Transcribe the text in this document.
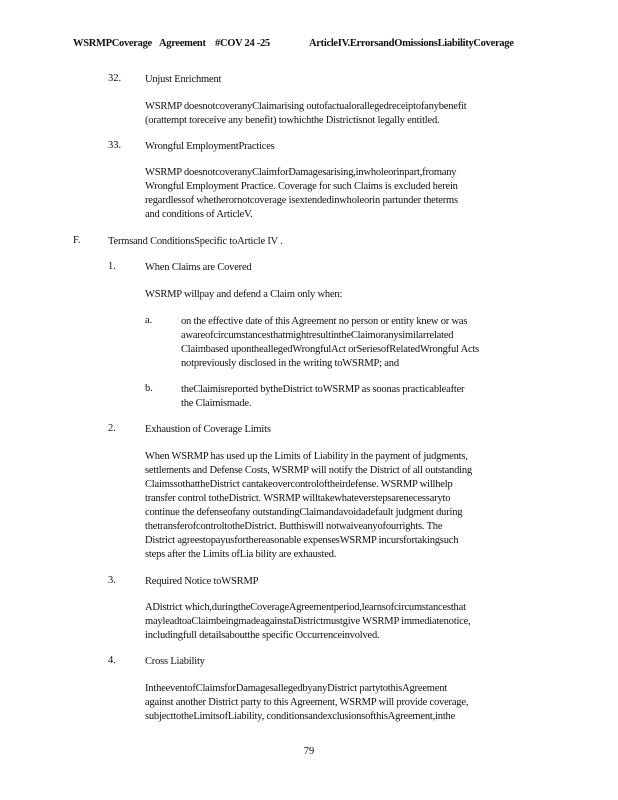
WSRMPCoverage Agreement #COV 24 -25	ArticleIV.ErrorsandOmissionsLiabilityCoverage
32. Unjust Enrichment
WSRMP doesnotcoveranyClaimarising outofactualorallegedreceiptofanybenefit
(orattempt toreceive any benefit) towhichthe Districtisnot legally entitled.
33. Wrongful EmploymentPractices
WSRMP doesnotcoveranyClaimforDamagesarising,inwholeorinpart,fromany
Wrongful Employment Practice. Coverage for such Claims is excluded herein
regardlessof whetherornotcoverage isextendedinwholeorin partunder theterms
and conditions of ArticleV.
F.	Termsand ConditionsSpecific toArticle IV .
1.	When Claims are Covered
WSRMP willpay and defend a Claim only when:
a.	on the effective date of this Agreement no person or entity knew or was
awareofcircumstancesthatmightresultintheClaimoranysimilarrelated
Claimbased upontheallegedWrongfulAct orSeriesofRelatedWrongful Acts
notpreviously disclosed in the writing toWSRMP; and
b.	theClaimisreported bytheDistrict toWSRMP as soonas practicableafter
the Claimismade.
2.	Exhaustion of Coverage Limits
When WSRMP has used up the Limits of Liability in the payment of judgments,
settlements and Defense Costs, WSRMP will notify the District of all outstanding
ClaimssothattheDistrict cantakeovercontroloftheirdefense. WSRMP willhelp
transfer control totheDistrict. WSRMP willtakewhateverstepsarenecessaryto
continue the defenseofany outstandingClaimandavoidadefault judgment during
thetransferofcontroltotheDistrict. Butthiswill notwaiveanyofourrights. The
District agreestopayusforthereasonable expensesWSRMP incursfortakingsuch
steps after the Limits ofLia bility are exhausted.
3.	Required Notice toWSRMP
ADistrict which,duringtheCoverageAgreementperiod,learnsofcircumstancesthat
mayleadtoaClaimbeingmadeagainstaDistrictmustgive WSRMP immediatenotice,
includingfull detailsaboutthe specific Occurrenceinvolved.
4.	Cross Liability
IntheeventofClaimsforDamagesallegedbyanyDistrict partytothisAgreement
against another District party to this Agreement, WSRMP will provide coverage,
subjecttotheLimitsofLiability, conditionsandexclusionsofthisAgreement,inthe
79
